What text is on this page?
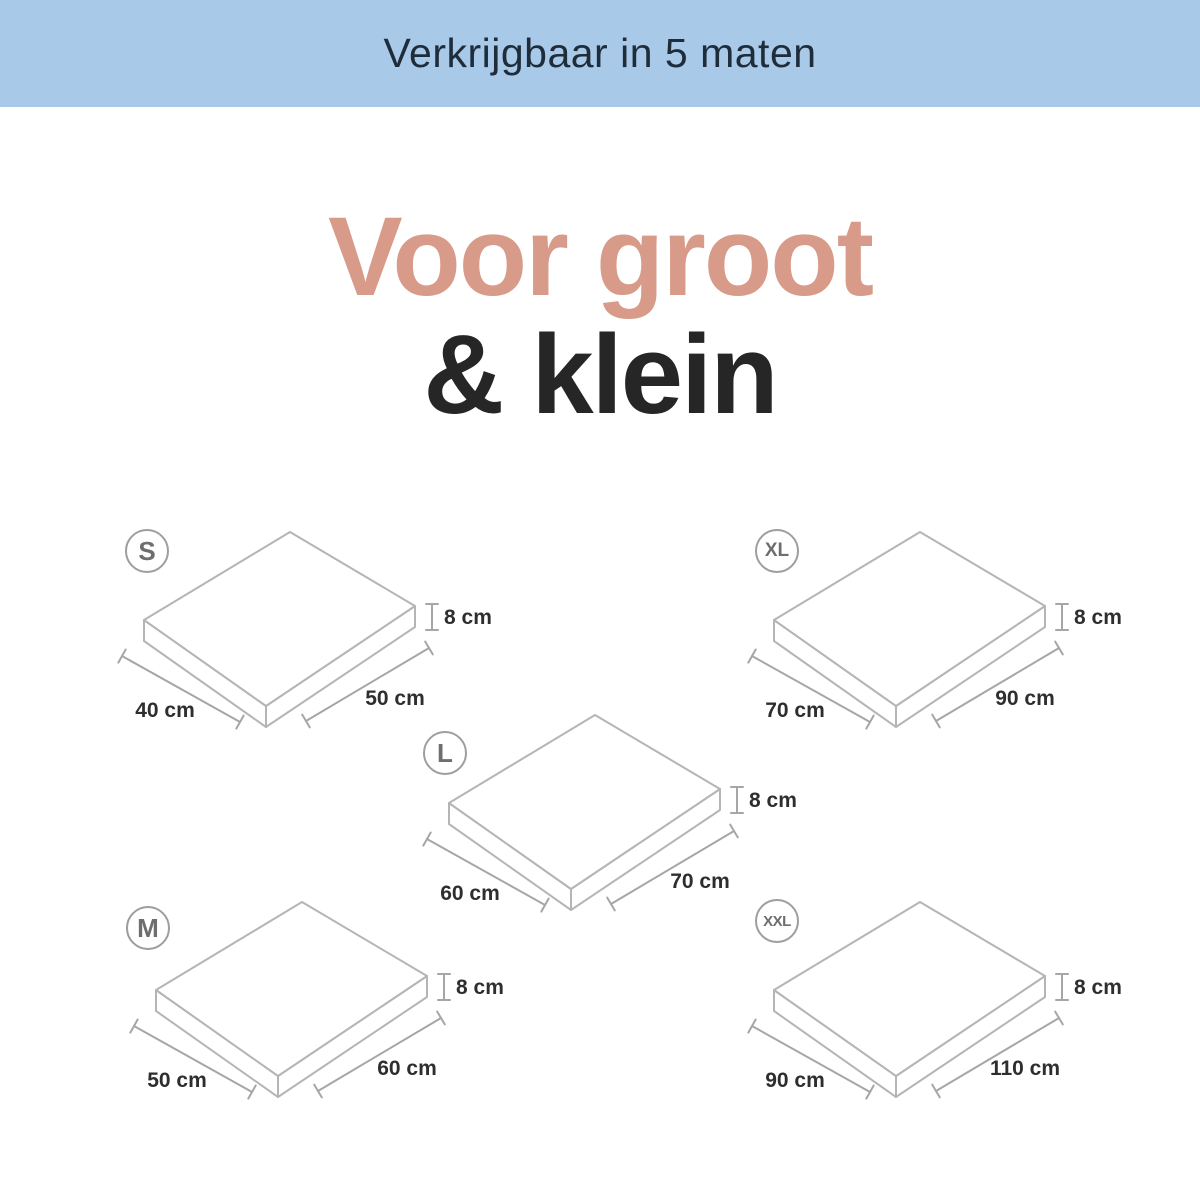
Verkrijgbaar in 5 maten
Voor groot
& klein
S
40 cm
50 cm
8 cm
XL
70 cm
90 cm
8 cm
L
60 cm
70 cm
8 cm
M
50 cm
60 cm
8 cm
XXL
90 cm
110 cm
8 cm
